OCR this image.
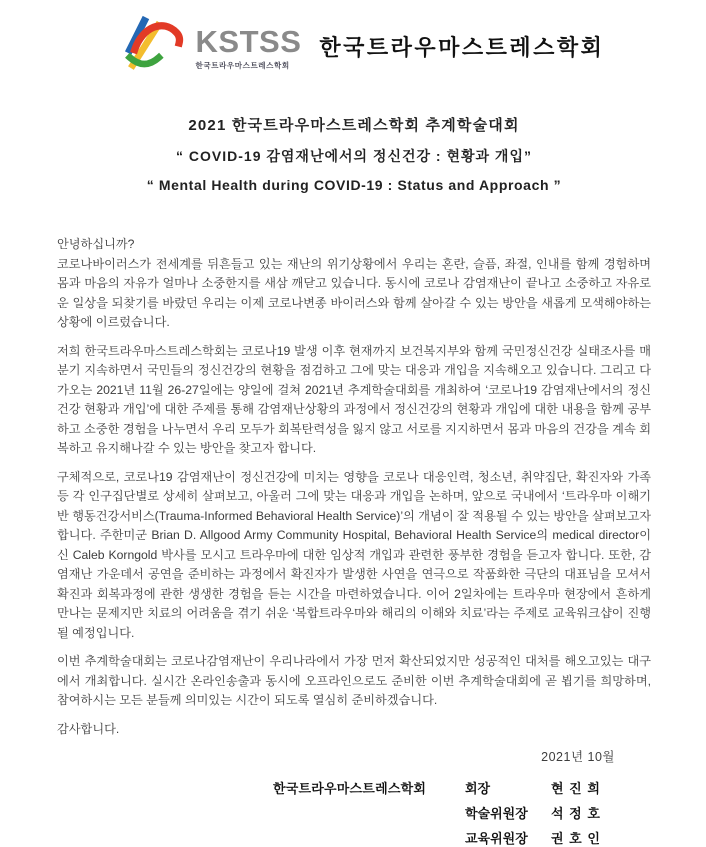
KSTSS
한국트라우마스트레스학회
한국트라우마스트레스학회
2021 한국트라우마스트레스학회 추계학술대회
“ COVID-19 감염재난에서의 정신건강 : 현황과 개입”
“ Mental Health during COVID-19 : Status and Approach ”

안녕하십니까?

코로나바이러스가 전세계를 뒤흔들고 있는 재난의 위기상황에서 우리는 혼란, 슬픔, 좌절, 인내를 함께 경험하며 몸과 마음의 자유가 얼마나 소중한지를 새삼 깨닫고 있습니다. 동시에 코로나 감염재난이 끝나고 소중하고 자유로운 일상을 되찾기를 바랐던 우리는 이제 코로나변종 바이러스와 함께 살아갈 수 있는 방안을 새롭게 모색해야하는 상황에 이르렀습니다.

저희 한국트라우마스트레스학회는 코로나19 발생 이후 현재까지 보건복지부와 함께 국민정신건강 실태조사를 매 분기 지속하면서 국민들의 정신건강의 현황을 점검하고 그에 맞는 대응과 개입을 지속해오고 있습니다. 그리고 다가오는 2021년 11월 26-27일에는 양일에 걸쳐 2021년 추계학술대회를 개최하여 ‘코로나19 감염재난에서의 정신건강 현황과 개입’에 대한 주제를 통해 감염재난상황의 과정에서 정신건강의 현황과 개입에 대한 내용을 함께 공부하고 소중한 경험을 나누면서 우리 모두가 회복탄력성을 잃지 않고 서로를 지지하면서 몸과 마음의 건강을 계속 회복하고 유지해나갈 수 있는 방안을 찾고자 합니다.

구체적으로, 코로나19 감염재난이 정신건강에 미치는 영향을 코로나 대응인력, 청소년, 취약집단, 확진자와 가족 등 각 인구집단별로 상세히 살펴보고, 아울러 그에 맞는 대응과 개입을 논하며, 앞으로 국내에서 ‘트라우마 이해기반 행동건강서비스(Trauma-Informed Behavioral Health Service)’의 개념이 잘 적용될 수 있는 방안을 살펴보고자 합니다. 주한미군 Brian D. Allgood Army Community Hospital, Behavioral Health Service의 medical director이신 Caleb Korngold 박사를 모시고 트라우마에 대한 임상적 개입과 관련한 풍부한 경험을 듣고자 합니다. 또한, 감염재난 가운데서 공연을 준비하는 과정에서 확진자가 발생한 사연을 연극으로 작품화한 극단의 대표님을 모셔서 확진과 회복과정에 관한 생생한 경험을 듣는 시간을 마련하였습니다. 이어 2일차에는 트라우마 현장에서 흔하게 만나는 문제지만 치료의 어려움을 겪기 쉬운 ‘복합트라우마와 해리의 이해와 치료’라는 주제로 교육워크샵이 진행될 예정입니다.

이번 추계학술대회는 코로나감염재난이 우리나라에서 가장 먼저 확산되었지만 성공적인 대처를 해오고있는 대구에서 개최합니다. 실시간 온라인송출과 동시에 오프라인으로도 준비한 이번 추계학술대회에 곧 뵙기를 희망하며, 참여하시는 모든 분들께 의미있는 시간이 되도록 열심히 준비하겠습니다.

감사합니다.

2021년 10월
한국트라우마스트레스학회	회장	현 진 희
학술위원장 석 정 호
교육위원장 권 호 인
